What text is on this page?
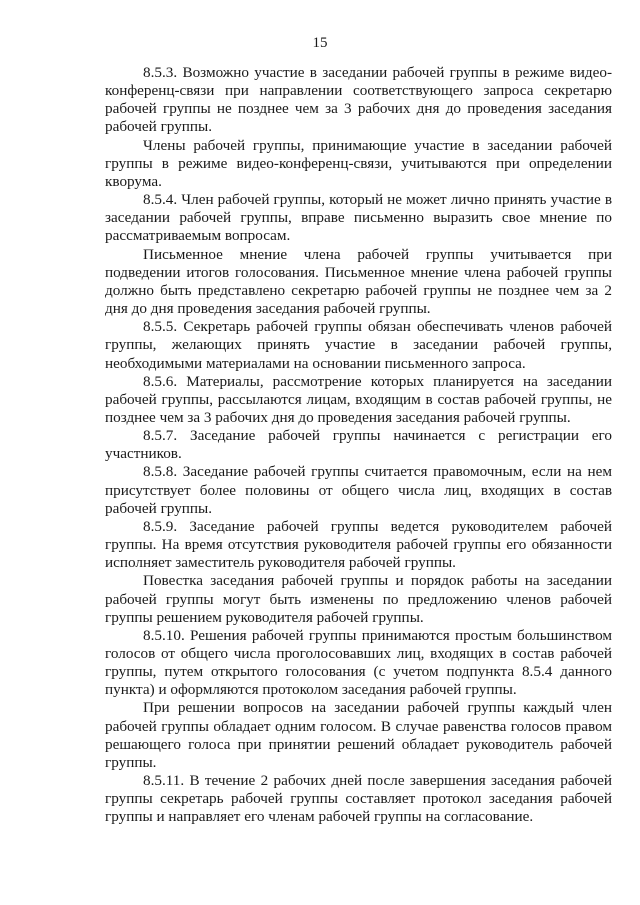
15

8.5.3. Возможно участие в заседании рабочей группы в режиме видео-конференц-связи при направлении соответствующего запроса секретарю рабочей группы не позднее чем за 3 рабочих дня до проведения заседания рабочей группы.

Члены рабочей группы, принимающие участие в заседании рабочей группы в режиме видео-конференц-связи, учитываются при определении кворума.

8.5.4. Член рабочей группы, который не может лично принять участие в заседании рабочей группы, вправе письменно выразить свое мнение по рассматриваемым вопросам.

Письменное мнение члена рабочей группы учитывается при подведении итогов голосования. Письменное мнение члена рабочей группы должно быть представлено секретарю рабочей группы не позднее чем за 2 дня до дня проведения заседания рабочей группы.

8.5.5. Секретарь рабочей группы обязан обеспечивать членов рабочей группы, желающих принять участие в заседании рабочей группы, необходимыми материалами на основании письменного запроса.

8.5.6. Материалы, рассмотрение которых планируется на заседании рабочей группы, рассылаются лицам, входящим в состав рабочей группы, не позднее чем за 3 рабочих дня до проведения заседания рабочей группы.

8.5.7. Заседание рабочей группы начинается с регистрации его участников.

8.5.8. Заседание рабочей группы считается правомочным, если на нем присутствует более половины от общего числа лиц, входящих в состав рабочей группы.

8.5.9. Заседание рабочей группы ведется руководителем рабочей группы. На время отсутствия руководителя рабочей группы его обязанности исполняет заместитель руководителя рабочей группы.

Повестка заседания рабочей группы и порядок работы на заседании рабочей группы могут быть изменены по предложению членов рабочей группы решением руководителя рабочей группы.

8.5.10. Решения рабочей группы принимаются простым большинством голосов от общего числа проголосовавших лиц, входящих в состав рабочей группы, путем открытого голосования (с учетом подпункта 8.5.4 данного пункта) и оформляются протоколом заседания рабочей группы.

При решении вопросов на заседании рабочей группы каждый член рабочей группы обладает одним голосом. В случае равенства голосов правом решающего голоса при принятии решений обладает руководитель рабочей группы.

8.5.11. В течение 2 рабочих дней после завершения заседания рабочей группы секретарь рабочей группы составляет протокол заседания рабочей группы и направляет его членам рабочей группы на согласование.
